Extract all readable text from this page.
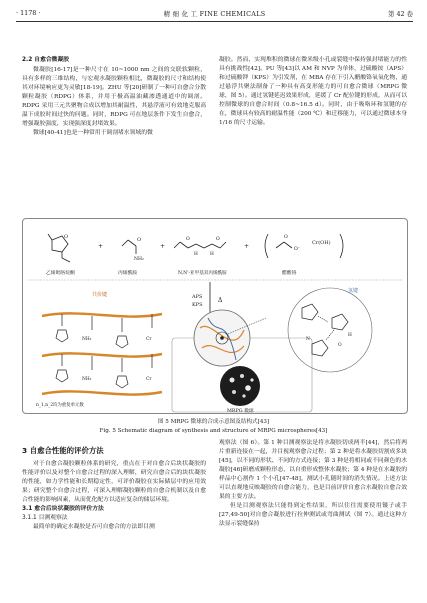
· 1178 ·	精 细 化 工 FINE CHEMICALS	第 42 卷
2.2 自愈合微凝胶
微凝胶[16-17]是一种尺寸在 10~1000 nm 之间的交联软颗粒，具有多样的三维结构，与宏观水凝胶颗粒相比，微凝胶的尺寸和结构使其对环境响应更为灵敏[18-19]。ZHU 等[20]研制了一种可自愈合分散颗粒凝胶（RDPG）体系，并用于极高温油藏渗透通道中的调剖。RDPG 采用三元共聚物合成以增加其耐温性，其悬浮液可有效地克服高温下成胶时间过快的问题。同时，RDPG 可在地层条件下发生自愈合，增强凝胶强度，实现强深度封堵效果。
微球[40-41]也是一种常用于调剖堵水领域的微
凝胶。然而，实现堆积的微球在微米级小孔或裂缝中保持强封堵能力的性具有挑战性[42]。PU 等[43]以 AM 和 NVP 为单体，过硫酸铵（APS）和过硫酸钾（KPS）为引发剂，在 MBA 存在下引入醋酸铬氧氧化物，通过悬浮共聚法制备了一种具有高变形能力的可自愈合微球（MRPG 微球，图 5）。通过氢键延迟效果形成，延缓了 Cr 配位键的形成，从而可以控制微球的自愈合时间（0.8~16.5 d）。同时，由于吸咯环和氢键的存在，微球具有较高的耐温性能（200 ℃）和迁移能力，可以通过微球本身 1/16 的尺寸运输。
O
乙烯吡咯烷酮
+
O
NH₂
丙烯酰胺
+
O	O
H	H
N,N'-亚甲基双丙烯酰胺
+
O
O⁻
Cr(OH)
醋酸铬
APS
KPS
Δ
共价键
NH₂	Cr
NH₂	Cr
MRPG 微球
氢键
O
H
N
n_1,n_2均为重复单元数
图 5 MRPG 微球的合成示意图及结构式[43]
Fig. 5 Schematic diagram of synthesis and structure of MRPG microspheres[43]
3 自愈合性能的评价方法
对于自愈合凝胶颗粒体系的研究，重点在于对自愈合后块状凝胶的性能评价以及对整个自愈合过程的深入理解，研究自愈合后的块状凝胶的性能，如力学性能和长期稳定性，可评价凝胶在实际储层中的应用效果；研究整个自愈合过程，可深入理解凝胶颗粒的自愈合机制以及自愈合性能的影响因素，从而优化配方以适应复杂的储层环境。
3.1 愈合后块状凝胶的评价方法
3.1.1 目测观察法
最简单的确定水凝胶是否可自愈合的方法即目测
观察法（图 6）。第 1 种目测观察法是将水凝胶切成两半[44]，然后将两片重新连接在一起，并目视观察愈合过程；第 2 种是将水凝胶切割成多块[45]，以不同的形状、不同的方式连接；第 3 种是将相同或不同颜色的水凝胶[46]研磨成颗粒形态，以自重形成整体水凝胶；第 4 种是在水凝胶的样品中心割作 1 个小孔[47-48]，测试小孔随时间的消失情况。上述方法可以直观地反映凝胶的自愈合能力，也是目前评价自愈合水凝胶自愈合效果的主要方法。
但是目测观察法只能得到定性结果，所以往往需要使用镊子或手[27,49-50]对自愈合凝胶进行拉伸测试或弯曲测试（图 7）。通过这种方法显示裂缝保持
